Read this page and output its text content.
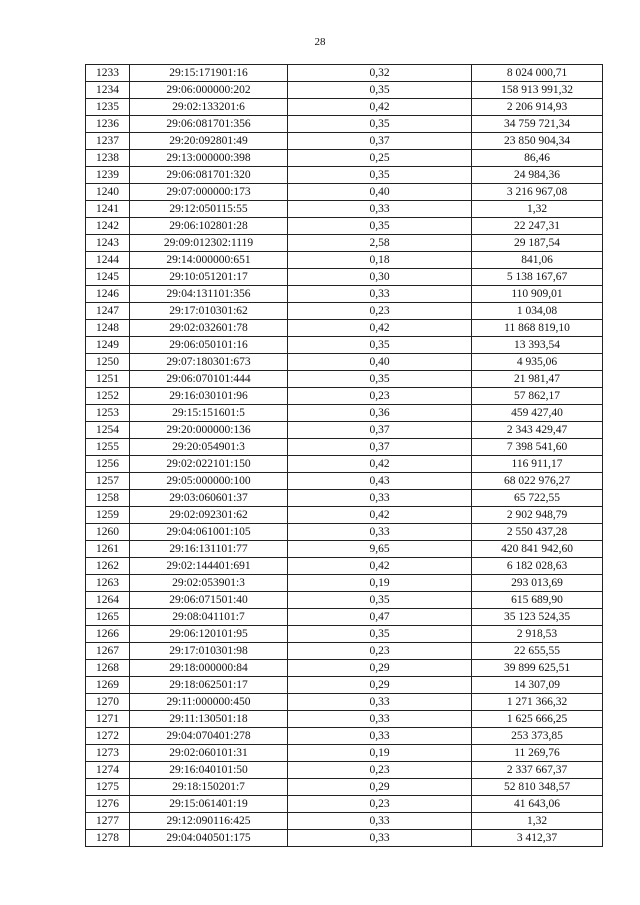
28
1233	29:15:171901:16	0,32	8 024 000,71
1234	29:06:000000:202	0,35	158 913 991,32
1235	29:02:133201:6	0,42	2 206 914,93
1236	29:06:081701:356	0,35	34 759 721,34
1237	29:20:092801:49	0,37	23 850 904,34
1238	29:13:000000:398	0,25	86,46
1239	29:06:081701:320	0,35	24 984,36
1240	29:07:000000:173	0,40	3 216 967,08
1241	29:12:050115:55	0,33	1,32
1242	29:06:102801:28	0,35	22 247,31
1243	29:09:012302:1119	2,58	29 187,54
1244	29:14:000000:651	0,18	841,06
1245	29:10:051201:17	0,30	5 138 167,67
1246	29:04:131101:356	0,33	110 909,01
1247	29:17:010301:62	0,23	1 034,08
1248	29:02:032601:78	0,42	11 868 819,10
1249	29:06:050101:16	0,35	13 393,54
1250	29:07:180301:673	0,40	4 935,06
1251	29:06:070101:444	0,35	21 981,47
1252	29:16:030101:96	0,23	57 862,17
1253	29:15:151601:5	0,36	459 427,40
1254	29:20:000000:136	0,37	2 343 429,47
1255	29:20:054901:3	0,37	7 398 541,60
1256	29:02:022101:150	0,42	116 911,17
1257	29:05:000000:100	0,43	68 022 976,27
1258	29:03:060601:37	0,33	65 722,55
1259	29:02:092301:62	0,42	2 902 948,79
1260	29:04:061001:105	0,33	2 550 437,28
1261	29:16:131101:77	9,65	420 841 942,60
1262	29:02:144401:691	0,42	6 182 028,63
1263	29:02:053901:3	0,19	293 013,69
1264	29:06:071501:40	0,35	615 689,90
1265	29:08:041101:7	0,47	35 123 524,35
1266	29:06:120101:95	0,35	2 918,53
1267	29:17:010301:98	0,23	22 655,55
1268	29:18:000000:84	0,29	39 899 625,51
1269	29:18:062501:17	0,29	14 307,09
1270	29:11:000000:450	0,33	1 271 366,32
1271	29:11:130501:18	0,33	1 625 666,25
1272	29:04:070401:278	0,33	253 373,85
1273	29:02:060101:31	0,19	11 269,76
1274	29:16:040101:50	0,23	2 337 667,37
1275	29:18:150201:7	0,29	52 810 348,57
1276	29:15:061401:19	0,23	41 643,06
1277	29:12:090116:425	0,33	1,32
1278	29:04:040501:175	0,33	3 412,37
